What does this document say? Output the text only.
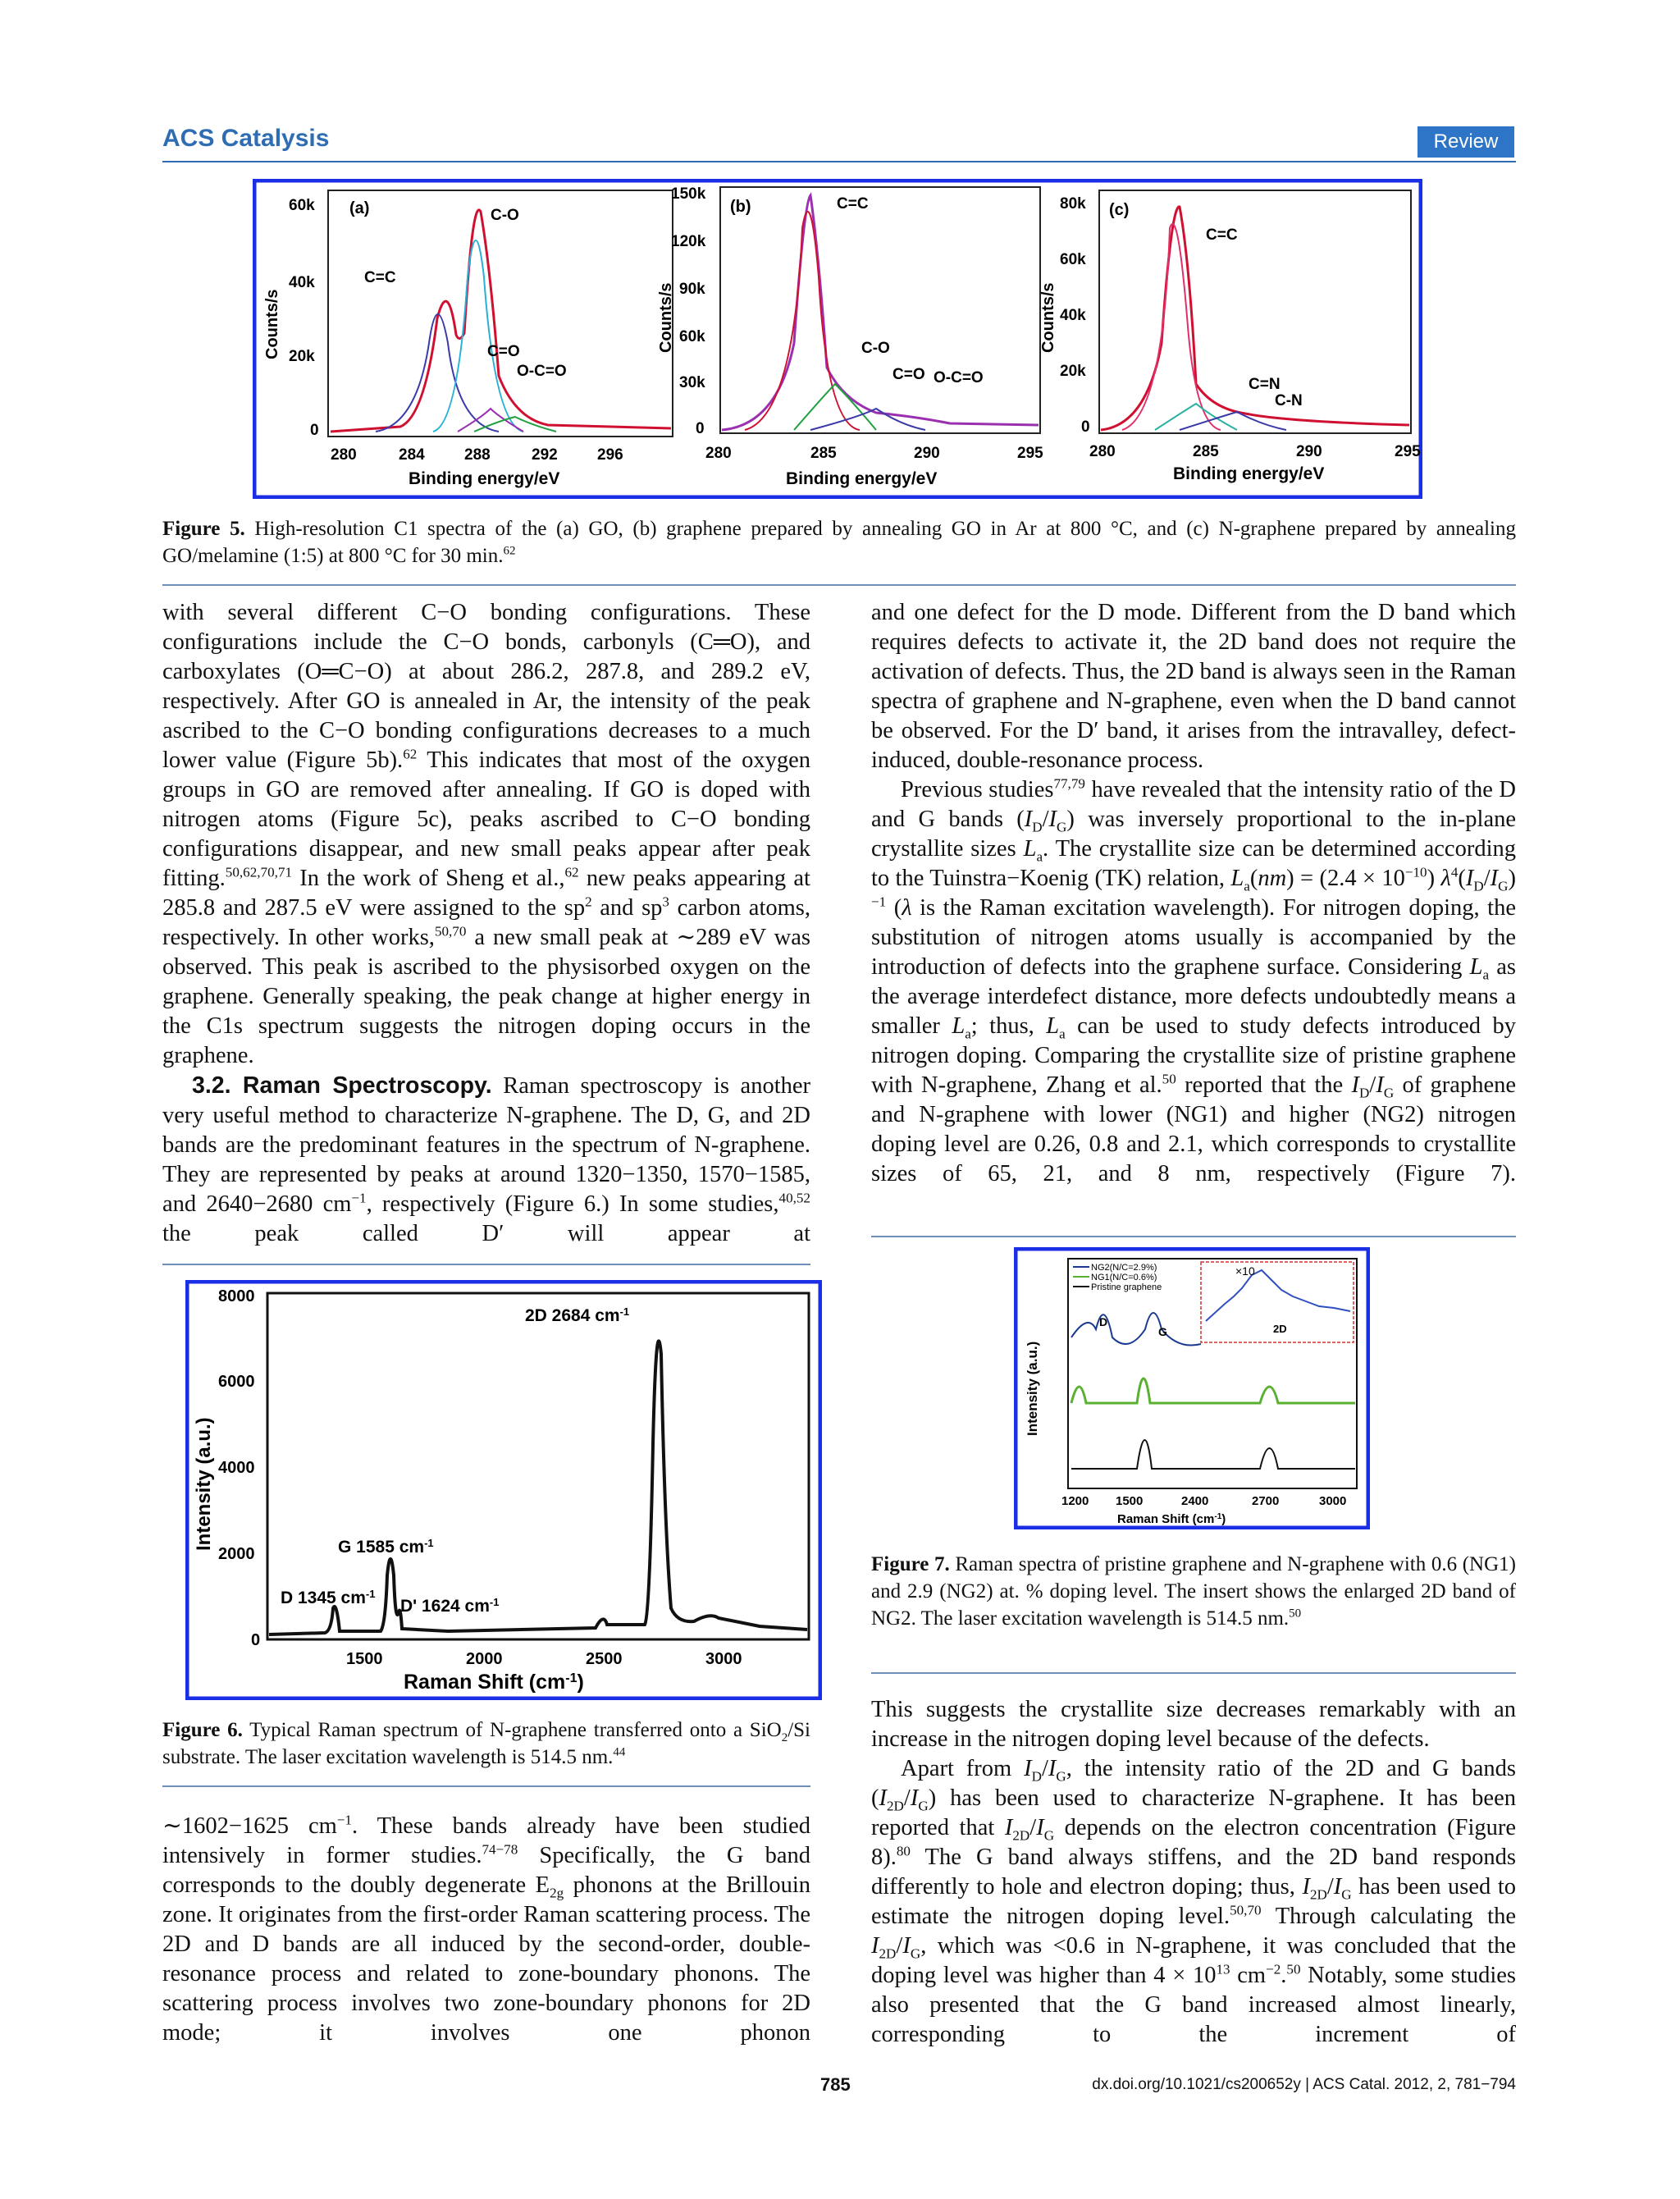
ACS Catalysis	Review
(a)
Counts/s
60k
40k
20k
0
280	284	288	292	296
Binding energy/eV
C-O
C=C
C=O
O-C=O
(b)
Counts/s
150k
120k
90k
60k
30k
0
280	285	290	295
Binding energy/eV
C=C
C-O
C=O O-C=O
(c)
Counts/s
80k
60k
40k
20k
0
280	285	290	295
Binding energy/eV
C=C
C=N
C-N
Figure 5. High-resolution C1 spectra of the (a) GO, (b) graphene prepared by annealing GO in Ar at 800 °C, and (c) N-graphene prepared by annealing GO/melamine (1:5) at 800 °C for 30 min.$^{62}$

with several different C−O bonding configurations. These configurations include the C−O bonds, carbonyls (C═O), and carboxylates (O═C−O) at about 286.2, 287.8, and 289.2 eV, respectively. After GO is annealed in Ar, the intensity of the peak ascribed to the C−O bonding configurations decreases to a much lower value (Figure 5b).$^{62}$ This indicates that most of the oxygen groups in GO are removed after annealing. If GO is doped with nitrogen atoms (Figure 5c), peaks ascribed to C−O bonding configurations disappear, and new small peaks appear after peak fitting.$^{50,62,70,71}$ In the work of Sheng et al.,$^{62}$ new peaks appearing at 285.8 and 287.5 eV were assigned to the $sp^2$ and $sp^3$ carbon atoms, respectively. In other works,$^{50,70}$ a new small peak at ∼289 eV was observed. This peak is ascribed to the physisorbed oxygen on the graphene. Generally speaking, the peak change at higher energy in the C1s spectrum suggests the nitrogen doping occurs in the graphene.

3.2. Raman Spectroscopy. Raman spectroscopy is another very useful method to characterize N-graphene. The D, G, and 2D bands are the predominant features in the spectrum of N-graphene. They are represented by peaks at around 1320−1350, 1570−1585, and 2640−2680 $cm^{-1}$, respectively (Figure 6.) In some studies,$^{40,52}$ the peak called D′ will appear at

Intensity (a.u.)
8000
6000
4000
2000
0
1500	2000	2500	3000
Raman Shift $(cm^{-1})$
2D 2684 $cm^{-1}$
G 1585 $cm^{-1}$
D 1345 $cm^{-1}$
D' 1624 $cm^{-1}$
Figure 6. Typical Raman spectrum of N-graphene transferred onto a SiO$_2$/Si substrate. The laser excitation wavelength is 514.5 nm.$^{44}$

∼1602−1625 $cm^{-1}$. These bands already have been studied intensively in former studies.$^{74-78}$ Specifically, the G band corresponds to the doubly degenerate $E_{2g}$ phonons at the Brillouin zone. It originates from the first-order Raman scattering process. The 2D and D bands are all induced by the second-order, double-resonance process and related to zone-boundary phonons. The scattering process involves two zone-boundary phonons for 2D mode; it involves one phonon

and one defect for the D mode. Different from the D band which requires defects to activate it, the 2D band does not require the activation of defects. Thus, the 2D band is always seen in the Raman spectra of graphene and N-graphene, even when the D band cannot be observed. For the D′ band, it arises from the intravalley, defect-induced, double-resonance process.

Previous studies$^{77,79}$ have revealed that the intensity ratio of the D and G bands $(I_D/I_G)$ was inversely proportional to the in-plane crystallite sizes $L_a$. The crystallite size can be determined according to the Tuinstra−Koenig (TK) relation, $L_a(nm) = (2.4 \times 10^{-10})$ $\lambda^4(I_D/I_G)^{-1}$ (λ is the Raman excitation wavelength). For nitrogen doping, the substitution of nitrogen atoms usually is accompanied by the introduction of defects into the graphene surface. Considering $L_a$ as the average interdefect distance, more defects undoubtedly means a smaller $L_a$; thus, $L_a$ can be used to study defects introduced by nitrogen doping. Comparing the crystallite size of pristine graphene with N-graphene, Zhang et al.$^{50}$ reported that the $I_D/I_G$ of graphene and N-graphene with lower (NG1) and higher (NG2) nitrogen doping level are 0.26, 0.8 and 2.1, which corresponds to crystallite sizes of 65, 21, and 8 nm, respectively (Figure 7).

NG2(N/C=2.9%)
NG1(N/C=0.6%)
Pristine graphene
Intensity (a.u.)
×10
D
G	2D
1200 1500	2400	2700	3000
Raman Shift $(cm^{-1})$
Figure 7. Raman spectra of pristine graphene and N-graphene with 0.6 (NG1) and 2.9 (NG2) at. % doping level. The insert shows the enlarged 2D band of NG2. The laser excitation wavelength is 514.5 nm.$^{50}$

This suggests the crystallite size decreases remarkably with an increase in the nitrogen doping level because of the defects.

Apart from $I_D/I_G$, the intensity ratio of the 2D and G bands $(I_{2D}/I_G)$ has been used to characterize N-graphene. It has been reported that $I_{2D}/I_G$ depends on the electron concentration (Figure 8).$^{80}$ The G band always stiffens, and the 2D band responds differently to hole and electron doping; thus, $I_{2D}/I_G$ has been used to estimate the nitrogen doping level.$^{50,70}$ Through calculating the $I_{2D}/I_G$, which was <0.6 in N-graphene, it was concluded that the doping level was higher than $4 \times 10^{13}$ $cm^{-2}.^{50}$ Notably, some studies also presented that the G band increased almost linearly, corresponding to the increment of

785	dx.doi.org/10.1021/cs200652y | ACS Catal. 2012, 2, 781−794
